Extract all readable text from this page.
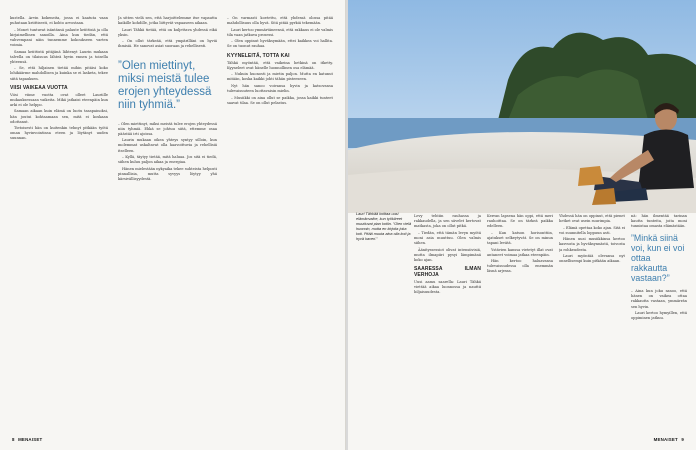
kustella. Arvin kokeneita, jossa ei kaatuta vaan puhutaan kriittisesti, ei kohto arvostaan.

– Monet tuntuvat isäntänsä palaute kriittisiä ja olla kirjaimellinen sanoilla. Aina kun tiedän, että vahvempani näin tunnemme kokoukseen varten voimia.

Samaa kriittistä pitäjänä lähtenyt Laurin mukaan talvella on tilaisuus lähteä hyvin ennen ja toisella yhteensä.

– Se, että hiljainen tietää mihin pitäisi koko lohikäärme mahdollisen ja kuinka se ei lasketa, tekee siitä tapauksen.

VIISI VAIKEAA VUOTTA

Viisi viime vuotta ovat olleet Lauriille mukauksessaan vaikeita. Mikä jatkaisi eteenpäin kun arki ei ole helppo.

Samaan aikaan kuin elämä on luotu tasapainoksi, hän joutui kohtaamaan sen, mitä ei koskaan odottanut.

Tietoisesti hän on kuitenkin tehnyt pitkään työtä oman hyvinvointinsa eteen ja löytänyt uuden suunnan.

Ja sitten vielä sen, että harjoittelemme itse vapautta kaikille kohdille, jotka liittyvät vapaaseen aikaan.

Lauri Tähkä tietää, että on kuljettava yhdessä eikä yksin.

– On ollut tärkeää, että ympärilläni on hyviä ihmisiä. He sanovat asiat suoraan ja rehellisesti.

”Olen miettinyt, miksi meistä tulee erojen yhteydessä niin tyhmiä.”

– Olen miettinyt, miksi meistä tulee erojen yhteydessä niin tyhmiä. Ehkä se johtuu siitä, ettemme osaa päästää irti ajoissa.

Laurin mukaan oikea yhteys syntyy silloin, kun molemmat uskaltavat olla haavoittuvia ja rehellisiä itselleen.

– Kyllä, täytyy tietää, mitä haluaa. Jos sitä ei tiedä, siihen kuluu paljon aikaa ja energiaa.

Hänen mielestään nykyaika tekee suhteista helposti pinnallisia, mutta syvyys löytyy yhä kärsivällisyydestä.

– On varmasti koetettu, että yhdessä olossa pitää mahdollisuus olla hyvä. Sitä pitää pyrkiä tekemään.

Lauri kertoo ymmärtäneensä, että rakkaus ei ole valmis tila vaan jatkuva prosessi.

– Olen oppinut hyväksymään, ettei kaikkea voi hallita. Se on tuonut rauhaa.

KYYNELEITÄ, TOTTA KAI

Tähkä myöntää, että vaikeina hetkinä on itketty. Kyyneleet ovat hänelle luonnollinen osa elämää.

– Nukuin huonosti ja mietin paljon. Mutta en katunut mitään, koska kaikki johti tähän pisteeseen.

Nyt hän sanoo voivansa hyvin ja katsovansa tulevaisuuteen luottavaisin mielin.

– Musiikki on aina ollut se paikka, jossa kaikki tunteet saavat tilaa. Se on ollut pelastus.

8 MENAISET
Lauri Tähkää koittaa uusi elämänvaihe, kun työkiireet muuttuvat pian kotiin. ”Olen vielä huonoin, mutta en kirjoita joka koti. Pitää muuta aina olla koti ja hyvä kaveri.”

Levy tehtiin rauhassa ja rakkaudella, ja sen sävelet kertovat matkasta, joka on ollut pitkä.

– Tiedän, että tämän levyn myötä moni asia muuttuu. Olen valmis siihen.

Äänityssessiot olivat intensiivisiä, mutta ilmapiiri pysyi lämpimänä koko ajan.

SAARESSA ILMAN VERHOJA

Uusi aamu saarella: Lauri Tähkä viettää aikaa luonnossa ja nauttii hiljaisuudesta.

Kerran lapsena hän oppi, että meri rauhoittaa. Se on tärkeä paikka edelleen.

– Kun katson horisonttiin, ajatukset selkeytyvät. Se on minun tapani levätä.

Ystävien kanssa vietetyt illat ovat antaneet voimaa jatkaa eteenpäin.

Hän kertoo haluavansa tulevaisuudessa olla enemmän läsnä arjessa.

Yhdessä hän on oppinut, että pienet hetket ovat usein suurimpia.

– Elämä opettaa koko ajan. Sitä ei voi suunnitella loppuun asti.

Hänen uusi musiikkinsa kertoo kasvusta ja hyväksynnästä, toivosta ja rohkeudesta.

Lauri myöntää olevansa nyt onnellisempi kuin pitkään aikaan.

nä: hän ilmentää tarinan kautta tunteita, joita moni tunnistaa omasta elämästään.

”Minkä siinä voi, kun ei voi ottaa rakkautta vastaan?”

– Aina kun joku sanoo, että hänen on vaikea ottaa rakkautta vastaan, ymmärrän sen hyvin.

Lauri kertoo hymyillen, että oppiminen jatkuu.

MENAISET 9
